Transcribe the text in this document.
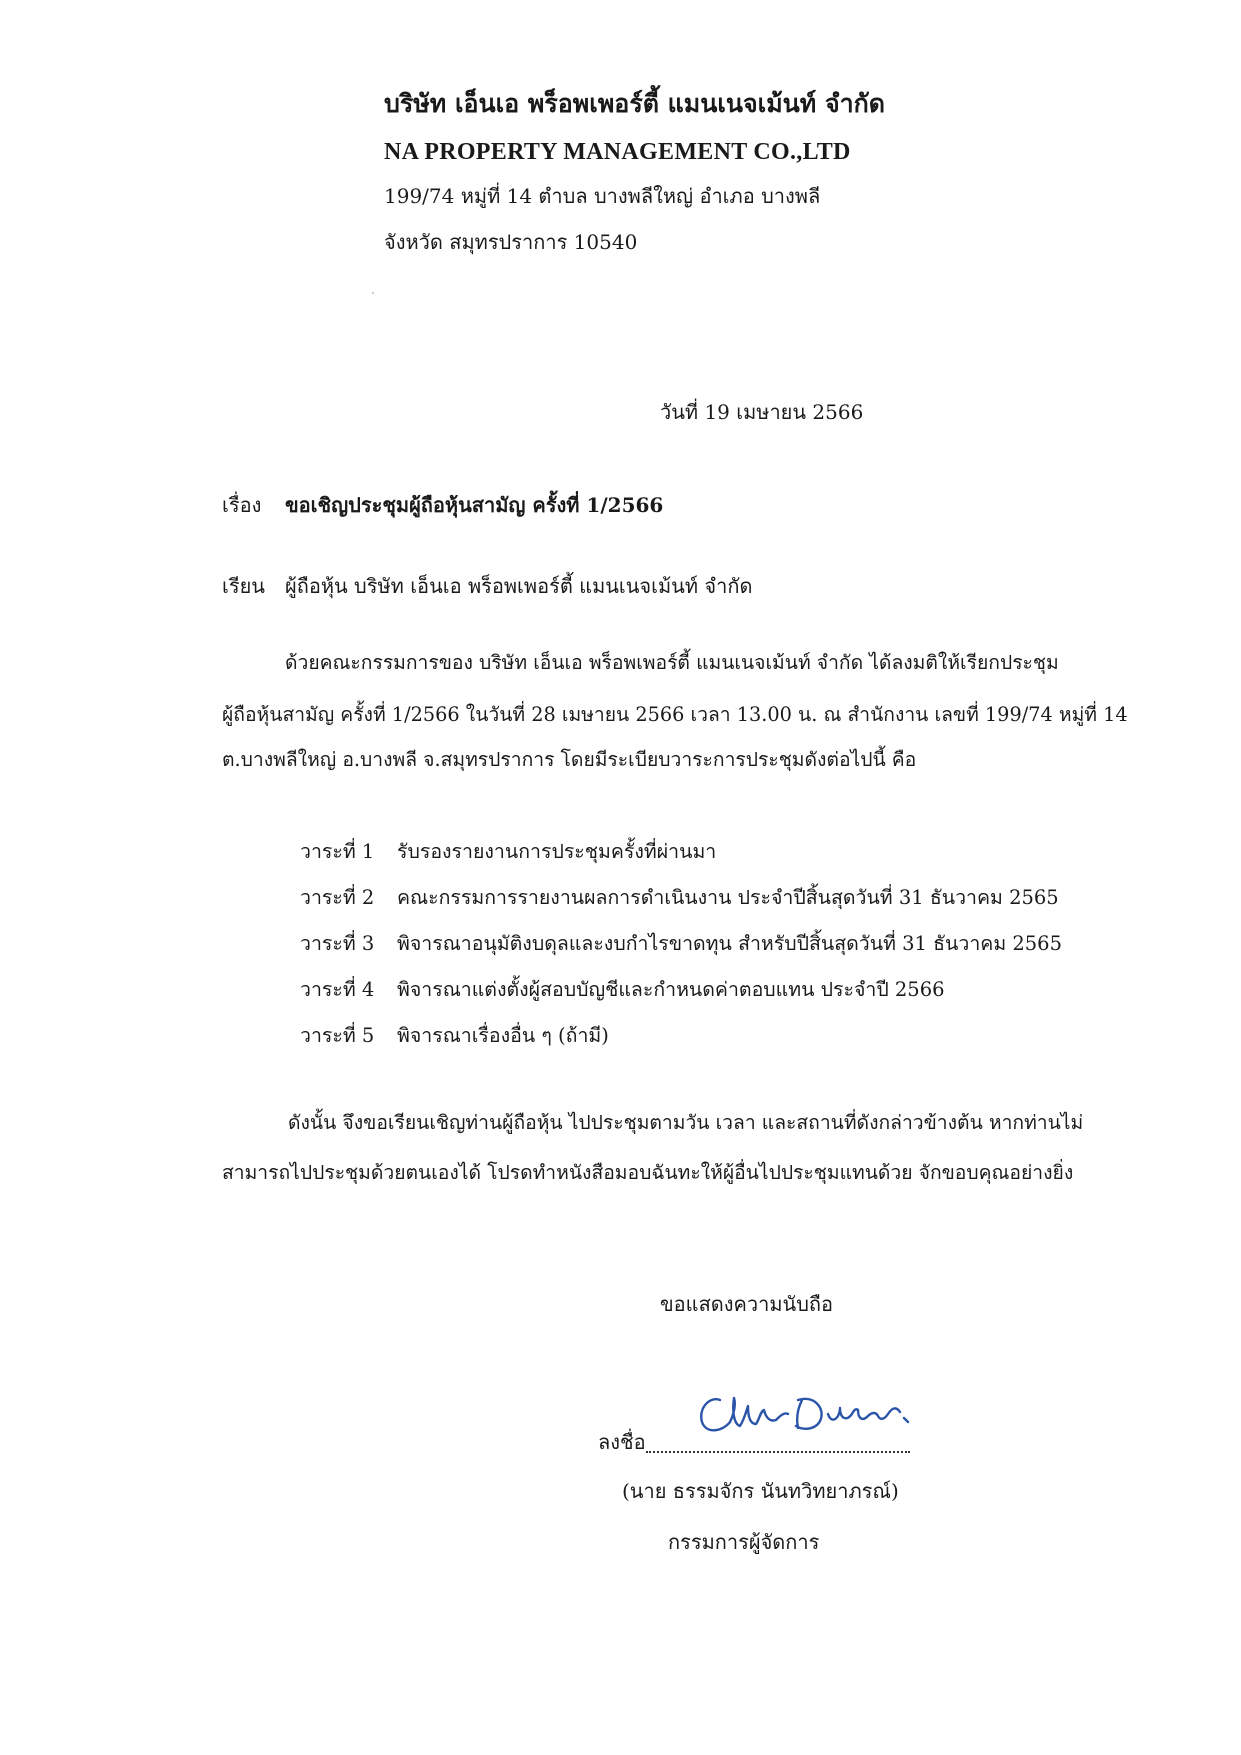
บริษัท เอ็นเอ พร็อพเพอร์ตี้ แมนเนจเม้นท์ จำกัด
NA PROPERTY MANAGEMENT CO.,LTD
199/74 หมู่ที่ 14 ตำบล บางพลีใหญ่ อำเภอ บางพลี
จังหวัด สมุทรปราการ 10540
วันที่ 19 เมษายน 2566
เรื่อง ขอเชิญประชุมผู้ถือหุ้นสามัญ ครั้งที่ 1/2566
เรียน ผู้ถือหุ้น บริษัท เอ็นเอ พร็อพเพอร์ตี้ แมนเนจเม้นท์ จำกัด
ด้วยคณะกรรมการของ บริษัท เอ็นเอ พร็อพเพอร์ตี้ แมนเนจเม้นท์ จำกัด ได้ลงมติให้เรียกประชุม
ผู้ถือหุ้นสามัญ ครั้งที่ 1/2566 ในวันที่ 28 เมษายน 2566 เวลา 13.00 น. ณ สำนักงาน เลขที่ 199/74 หมู่ที่ 14
ต.บางพลีใหญ่ อ.บางพลี จ.สมุทรปราการ โดยมีระเบียบวาระการประชุมดังต่อไปนี้ คือ
วาระที่ 1 รับรองรายงานการประชุมครั้งที่ผ่านมา
วาระที่ 2 คณะกรรมการรายงานผลการดำเนินงาน ประจำปีสิ้นสุดวันที่ 31 ธันวาคม 2565
วาระที่ 3 พิจารณาอนุมัติงบดุลและงบกำไรขาดทุน สำหรับปีสิ้นสุดวันที่ 31 ธันวาคม 2565
วาระที่ 4 พิจารณาแต่งตั้งผู้สอบบัญชีและกำหนดค่าตอบแทน ประจำปี 2566
วาระที่ 5 พิจารณาเรื่องอื่น ๆ (ถ้ามี)
ดังนั้น จึงขอเรียนเชิญท่านผู้ถือหุ้น ไปประชุมตามวัน เวลา และสถานที่ดังกล่าวข้างต้น หากท่านไม่
สามารถไปประชุมด้วยตนเองได้ โปรดทำหนังสือมอบฉันทะให้ผู้อื่นไปประชุมแทนด้วย จักขอบคุณอย่างยิ่ง
ขอแสดงความนับถือ
ลงชื่อ
(นาย ธรรมจักร นันทวิทยาภรณ์)
กรรมการผู้จัดการ
